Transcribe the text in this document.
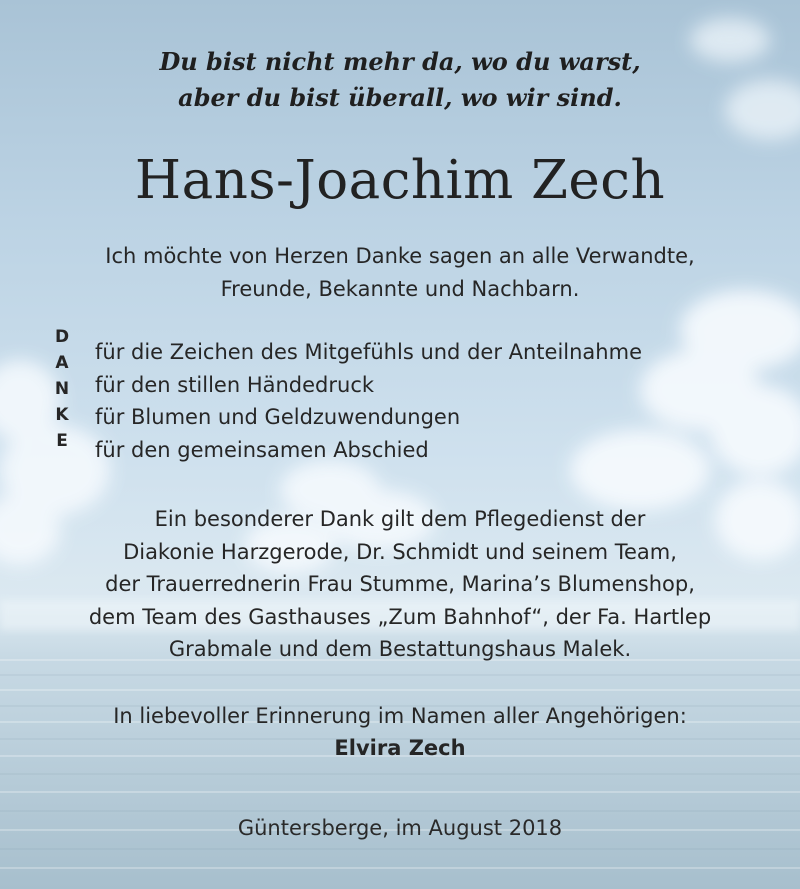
Du bist nicht mehr da, wo du warst,
aber du bist überall, wo wir sind.
Hans-Joachim Zech
Ich möchte von Herzen Danke sagen an alle Verwandte,
Freunde, Bekannte und Nachbarn.
D
A
N
K
E
für die Zeichen des Mitgefühls und der Anteilnahme
für den stillen Händedruck
für Blumen und Geldzuwendungen
für den gemeinsamen Abschied
Ein besonderer Dank gilt dem Pflegedienst der
Diakonie Harzgerode, Dr. Schmidt und seinem Team,
der Trauerrednerin Frau Stumme, Marina’s Blumenshop,
dem Team des Gasthauses „Zum Bahnhof“, der Fa. Hartlep
Grabmale und dem Bestattungshaus Malek.
In liebevoller Erinnerung im Namen aller Angehörigen:
Elvira Zech
Güntersberge, im August 2018
